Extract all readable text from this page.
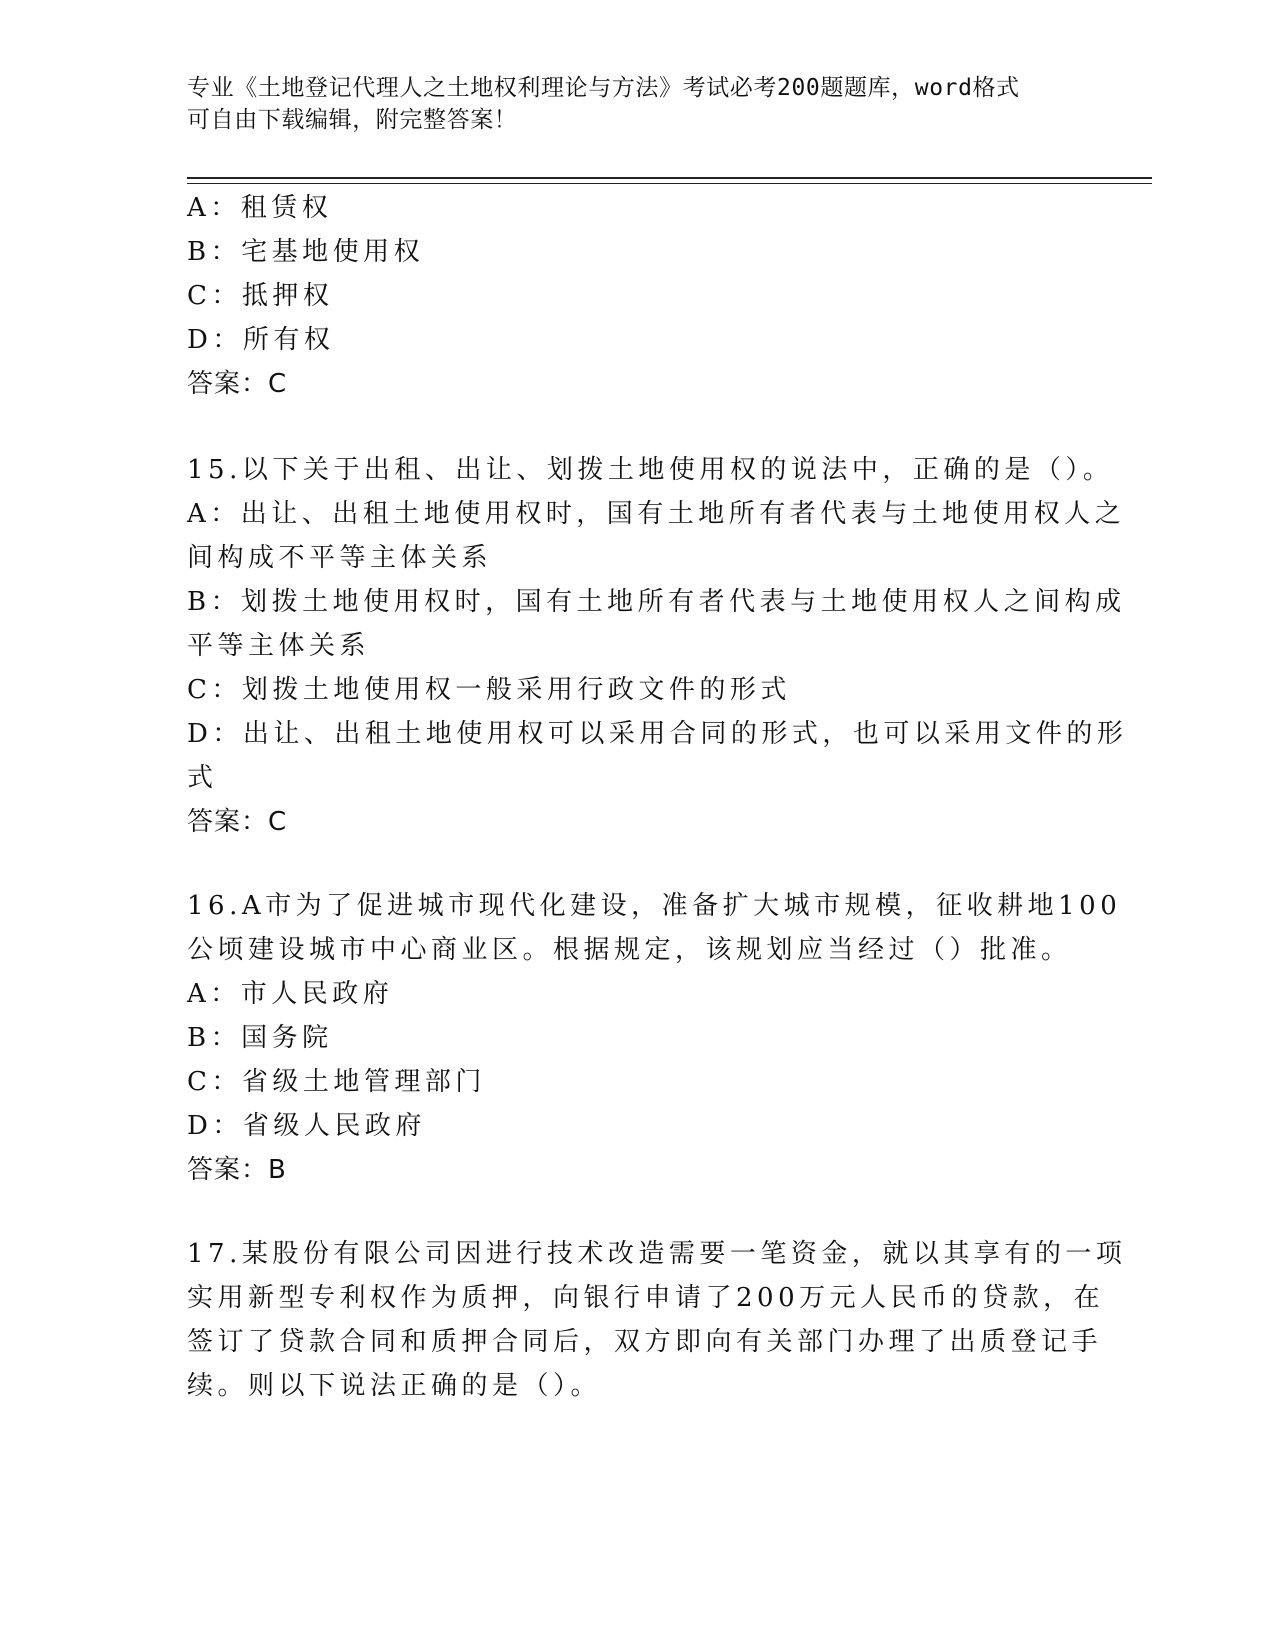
专业《土地登记代理人之土地权利理论与方法》考试必考200题题库，word格式
可自由下载编辑，附完整答案！
A：租赁权
B：宅基地使用权
C：抵押权
D：所有权
答案：C
15.以下关于出租、出让、划拨土地使用权的说法中，正确的是（）。
A：出让、出租土地使用权时，国有土地所有者代表与土地使用权人之
间构成不平等主体关系
B：划拨土地使用权时，国有土地所有者代表与土地使用权人之间构成
平等主体关系
C：划拨土地使用权一般采用行政文件的形式
D：出让、出租土地使用权可以采用合同的形式，也可以采用文件的形
式
答案：C
16.A市为了促进城市现代化建设，准备扩大城市规模，征收耕地100
公顷建设城市中心商业区。根据规定，该规划应当经过（）批准。
A：市人民政府
B：国务院
C：省级土地管理部门
D：省级人民政府
答案：B
17.某股份有限公司因进行技术改造需要一笔资金，就以其享有的一项
实用新型专利权作为质押，向银行申请了200万元人民币的贷款，在
签订了贷款合同和质押合同后，双方即向有关部门办理了出质登记手
续。则以下说法正确的是（）。
